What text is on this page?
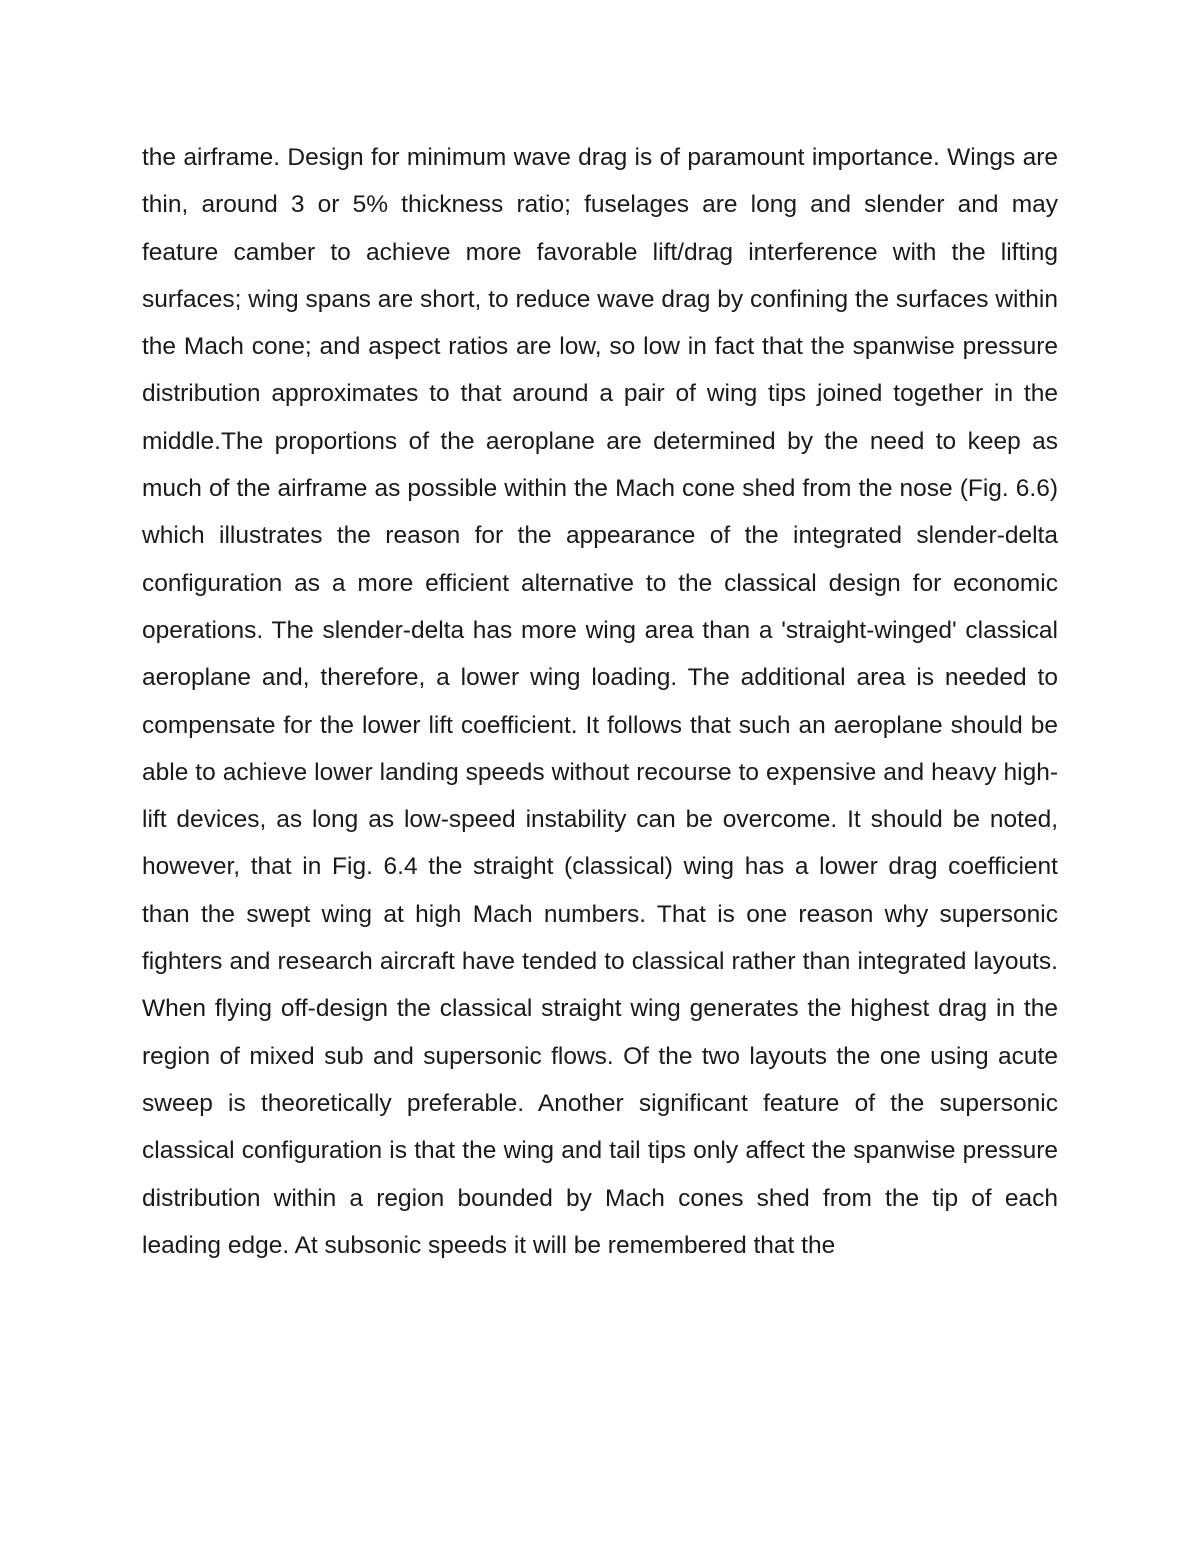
the airframe. Design for minimum wave drag is of paramount importance. Wings are thin, around 3 or 5% thickness ratio; fuselages are long and slender and may feature camber to achieve more favorable lift/drag interference with the lifting surfaces; wing spans are short, to reduce wave drag by confining the surfaces within the Mach cone; and aspect ratios are low, so low in fact that the spanwise pressure distribution approximates to that around a pair of wing tips joined together in the middle.The proportions of the aeroplane are determined by the need to keep as much of the airframe as possible within the Mach cone shed from the nose (Fig. 6.6) which illustrates the reason for the appearance of the integrated slender-delta configuration as a more efficient alternative to the classical design for economic operations. The slender-delta has more wing area than a 'straight-winged' classical aeroplane and, therefore, a lower wing loading. The additional area is needed to compensate for the lower lift coefficient. It follows that such an aeroplane should be able to achieve lower landing speeds without recourse to expensive and heavy high-lift devices, as long as low-speed instability can be overcome. It should be noted, however, that in Fig. 6.4 the straight (classical) wing has a lower drag coefficient than the swept wing at high Mach numbers. That is one reason why supersonic fighters and research aircraft have tended to classical rather than integrated layouts. When flying off-design the classical straight wing generates the highest drag in the region of mixed sub and supersonic flows. Of the two layouts the one using acute sweep is theoretically preferable. Another significant feature of the supersonic classical configuration is that the wing and tail tips only affect the spanwise pressure distribution within a region bounded by Mach cones shed from the tip of each leading edge. At subsonic speeds it will be remembered that the
